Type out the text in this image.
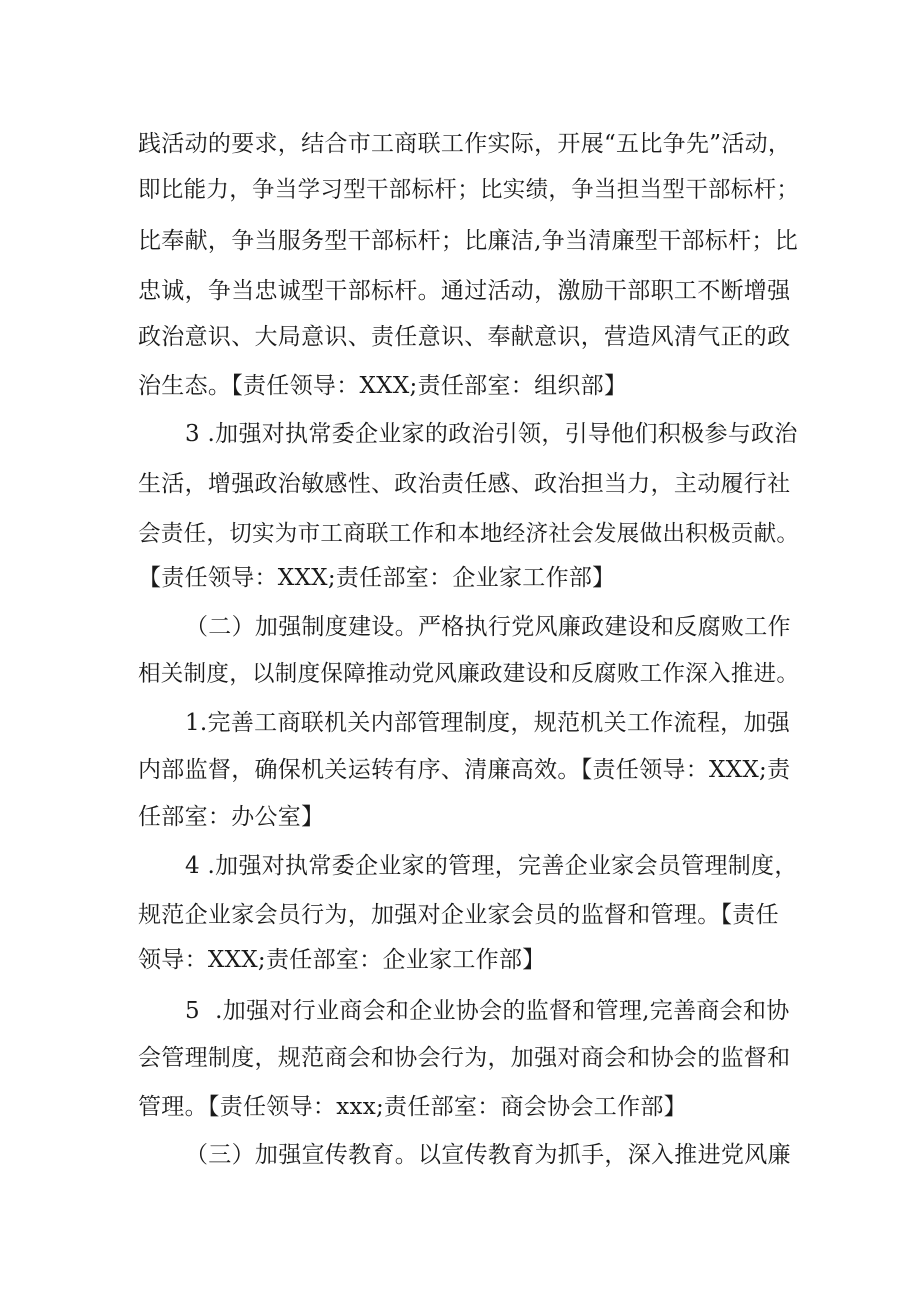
践活动的要求，结合市工商联工作实际，开展“五比争先”活动，
即比能力，争当学习型干部标杆；比实绩，争当担当型干部标杆；
比奉献，争当服务型干部标杆；比廉洁,争当清廉型干部标杆；比
忠诚，争当忠诚型干部标杆。通过活动，激励干部职工不断增强
政治意识、大局意识、责任意识、奉献意识，营造风清气正的政
治生态。【责任领导：XXX;责任部室：组织部】
3 .加强对执常委企业家的政治引领，引导他们积极参与政治
生活，增强政治敏感性、政治责任感、政治担当力，主动履行社
会责任，切实为市工商联工作和本地经济社会发展做出积极贡献。
【责任领导：XXX;责任部室：企业家工作部】
（二）加强制度建设。严格执行党风廉政建设和反腐败工作
相关制度，以制度保障推动党风廉政建设和反腐败工作深入推进。
1.完善工商联机关内部管理制度，规范机关工作流程，加强
内部监督，确保机关运转有序、清廉高效。【责任领导：XXX;责
任部室：办公室】
4 .加强对执常委企业家的管理，完善企业家会员管理制度，
规范企业家会员行为，加强对企业家会员的监督和管理。【责任
领导：XXX;责任部室：企业家工作部】
5  .加强对行业商会和企业协会的监督和管理,完善商会和协
会管理制度，规范商会和协会行为，加强对商会和协会的监督和
管理。【责任领导：xxx;责任部室：商会协会工作部】
（三）加强宣传教育。以宣传教育为抓手，深入推进党风廉
